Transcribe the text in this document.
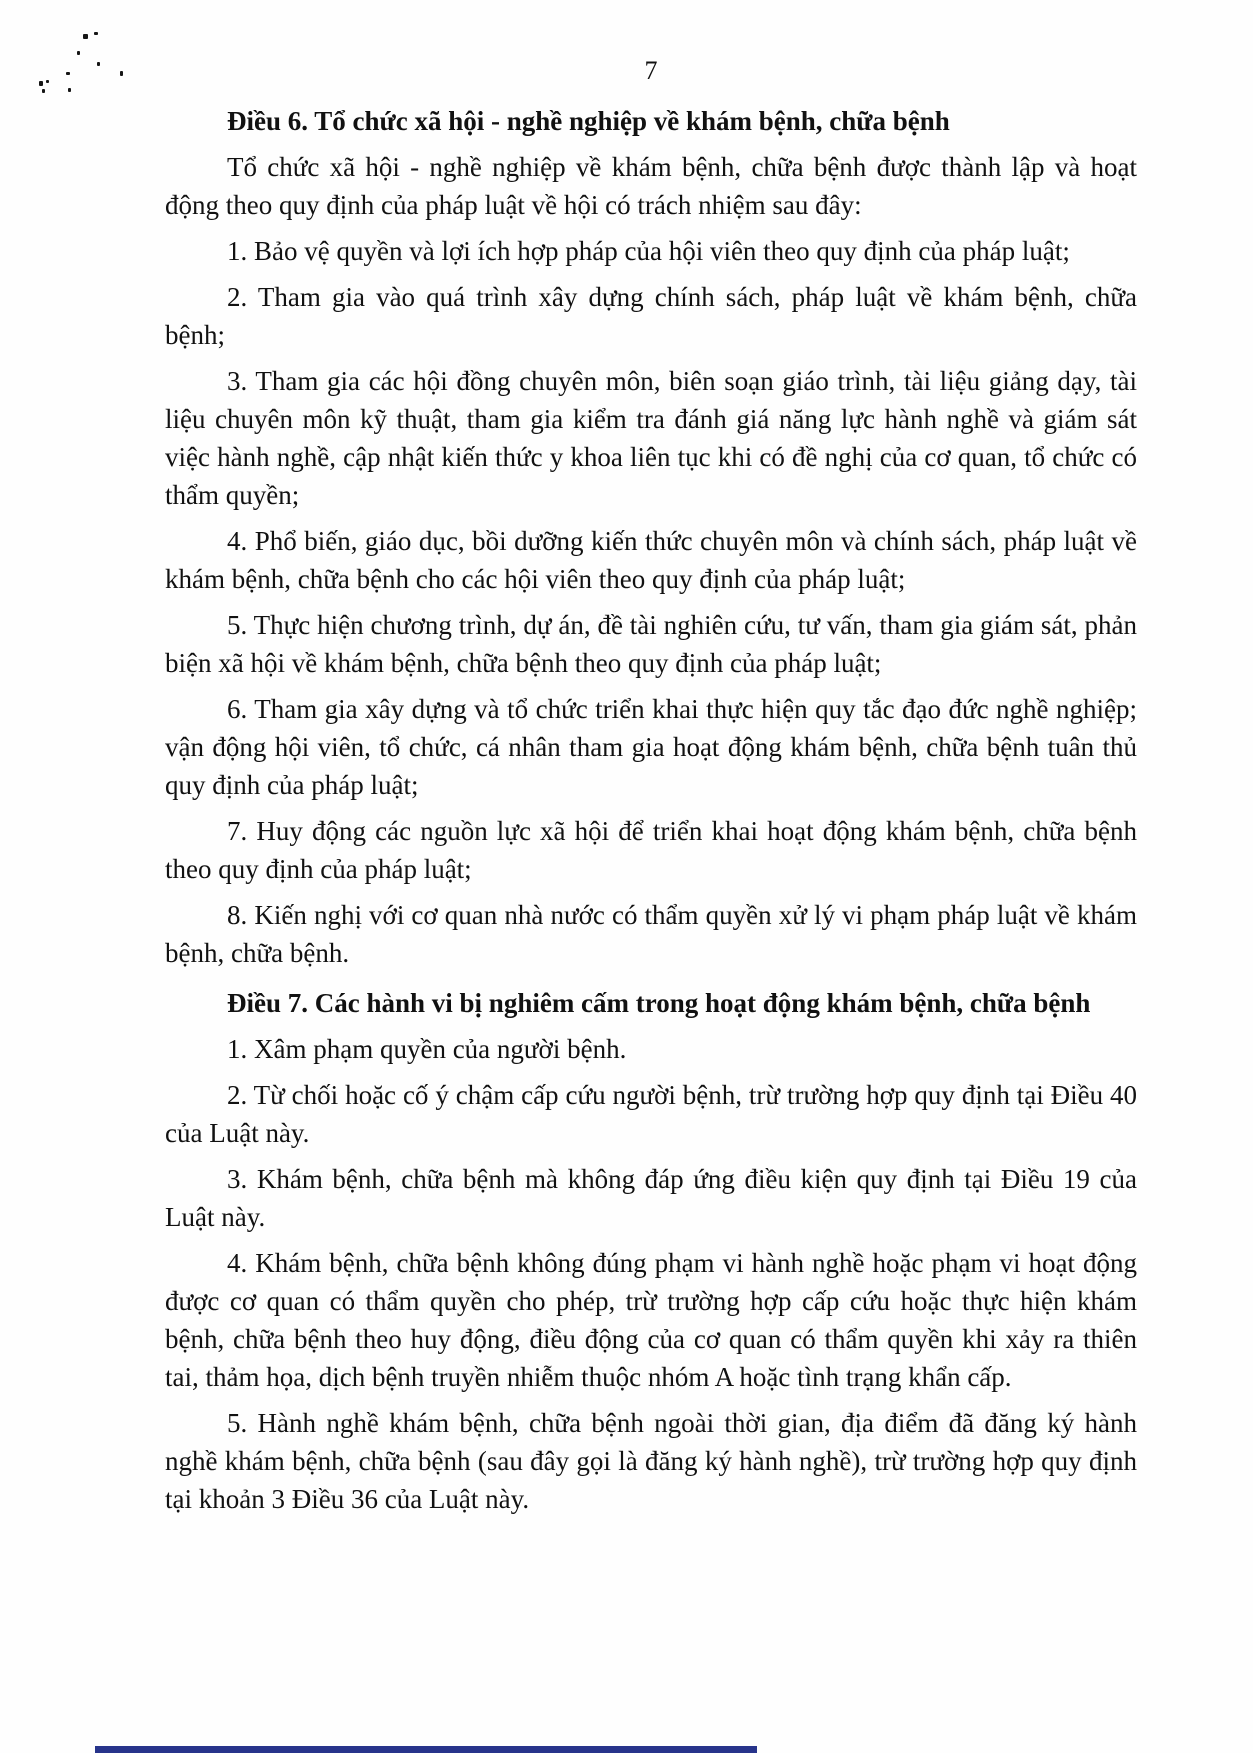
7
Điều 6. Tổ chức xã hội - nghề nghiệp về khám bệnh, chữa bệnh

Tổ chức xã hội - nghề nghiệp về khám bệnh, chữa bệnh được thành lập và hoạt động theo quy định của pháp luật về hội có trách nhiệm sau đây:

1. Bảo vệ quyền và lợi ích hợp pháp của hội viên theo quy định của pháp luật;

2. Tham gia vào quá trình xây dựng chính sách, pháp luật về khám bệnh, chữa bệnh;

3. Tham gia các hội đồng chuyên môn, biên soạn giáo trình, tài liệu giảng dạy, tài liệu chuyên môn kỹ thuật, tham gia kiểm tra đánh giá năng lực hành nghề và giám sát việc hành nghề, cập nhật kiến thức y khoa liên tục khi có đề nghị của cơ quan, tổ chức có thẩm quyền;

4. Phổ biến, giáo dục, bồi dưỡng kiến thức chuyên môn và chính sách, pháp luật về khám bệnh, chữa bệnh cho các hội viên theo quy định của pháp luật;

5. Thực hiện chương trình, dự án, đề tài nghiên cứu, tư vấn, tham gia giám sát, phản biện xã hội về khám bệnh, chữa bệnh theo quy định của pháp luật;

6. Tham gia xây dựng và tổ chức triển khai thực hiện quy tắc đạo đức nghề nghiệp; vận động hội viên, tổ chức, cá nhân tham gia hoạt động khám bệnh, chữa bệnh tuân thủ quy định của pháp luật;

7. Huy động các nguồn lực xã hội để triển khai hoạt động khám bệnh, chữa bệnh theo quy định của pháp luật;

8. Kiến nghị với cơ quan nhà nước có thẩm quyền xử lý vi phạm pháp luật về khám bệnh, chữa bệnh.

Điều 7. Các hành vi bị nghiêm cấm trong hoạt động khám bệnh, chữa bệnh

1. Xâm phạm quyền của người bệnh.

2. Từ chối hoặc cố ý chậm cấp cứu người bệnh, trừ trường hợp quy định tại Điều 40 của Luật này.

3. Khám bệnh, chữa bệnh mà không đáp ứng điều kiện quy định tại Điều 19 của Luật này.

4. Khám bệnh, chữa bệnh không đúng phạm vi hành nghề hoặc phạm vi hoạt động được cơ quan có thẩm quyền cho phép, trừ trường hợp cấp cứu hoặc thực hiện khám bệnh, chữa bệnh theo huy động, điều động của cơ quan có thẩm quyền khi xảy ra thiên tai, thảm họa, dịch bệnh truyền nhiễm thuộc nhóm A hoặc tình trạng khẩn cấp.

5. Hành nghề khám bệnh, chữa bệnh ngoài thời gian, địa điểm đã đăng ký hành nghề khám bệnh, chữa bệnh (sau đây gọi là đăng ký hành nghề), trừ trường hợp quy định tại khoản 3 Điều 36 của Luật này.
